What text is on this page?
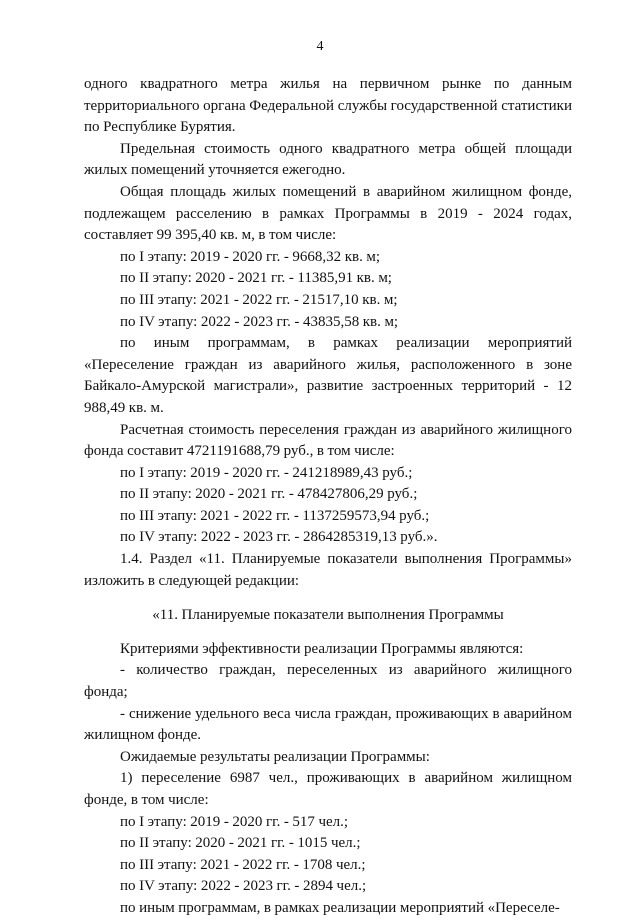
4

одного квадратного метра жилья на первичном рынке по данным территориального органа Федеральной службы государственной статистики по Республике Бурятия.

Предельная стоимость одного квадратного метра общей площади жилых помещений уточняется ежегодно.

Общая площадь жилых помещений в аварийном жилищном фонде, подлежащем расселению в рамках Программы в 2019 - 2024 годах, составляет 99 395,40 кв. м, в том числе:

по I этапу: 2019 - 2020 гг. - 9668,32 кв. м;

по II этапу: 2020 - 2021 гг. - 11385,91 кв. м;

по III этапу: 2021 - 2022 гг. - 21517,10 кв. м;

по IV этапу: 2022 - 2023 гг. - 43835,58 кв. м;

по иным программам, в рамках реализации мероприятий «Переселение граждан из аварийного жилья, расположенного в зоне Байкало-Амурской магистрали», развитие застроенных территорий - 12 988,49 кв. м.

Расчетная стоимость переселения граждан из аварийного жилищного фонда составит 4721191688,79 руб., в том числе:

по I этапу: 2019 - 2020 гг. - 241218989,43 руб.;

по II этапу: 2020 - 2021 гг. - 478427806,29 руб.;

по III этапу: 2021 - 2022 гг. - 1137259573,94 руб.;

по IV этапу: 2022 - 2023 гг. - 2864285319,13 руб.».

1.4. Раздел «11. Планируемые показатели выполнения Программы» изложить в следующей редакции:

«11. Планируемые показатели выполнения Программы

Критериями эффективности реализации Программы являются:

- количество граждан, переселенных из аварийного жилищного фонда;

- снижение удельного веса числа граждан, проживающих в аварийном жилищном фонде.

Ожидаемые результаты реализации Программы:

1) переселение 6987 чел., проживающих в аварийном жилищном фонде, в том числе:

по I этапу: 2019 - 2020 гг. - 517 чел.;

по II этапу: 2020 - 2021 гг. - 1015 чел.;

по III этапу: 2021 - 2022 гг. - 1708 чел.;

по IV этапу: 2022 - 2023 гг. - 2894 чел.;

по иным программам, в рамках реализации мероприятий «Переселе-
